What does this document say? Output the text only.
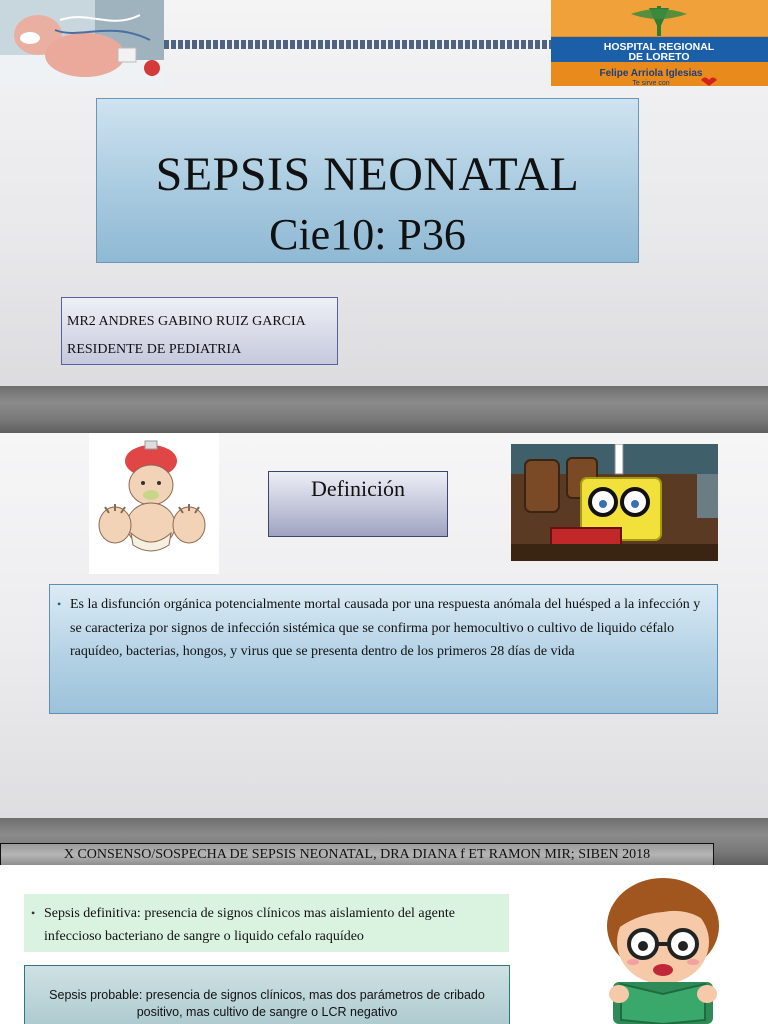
HOSPITAL REGIONAL
DE LORETO
Felipe Arriola Iglesias
Te sirve con
SEPSIS NEONATAL
Cie10: P36
MR2 ANDRES GABINO RUIZ GARCIA
RESIDENTE DE PEDIATRIA
Definición
• Es la disfunción orgánica potencialmente mortal causada por una respuesta anómala del huésped a la infección y se caracteriza por signos de infección sistémica que se confirma por hemocultivo o cultivo de liquido céfalo raquídeo, bacterias, hongos, y virus que se presenta dentro de los primeros 28 días de vida
X CONSENSO/SOSPECHA DE SEPSIS NEONATAL, DRA DIANA f ET RAMON MIR; SIBEN 2018
• Sepsis definitiva: presencia de signos clínicos mas aislamiento del agente infeccioso bacteriano de sangre o liquido cefalo raquídeo
Sepsis probable: presencia de signos clínicos, mas dos parámetros de cribado
positivo, mas cultivo de sangre o LCR negativo
